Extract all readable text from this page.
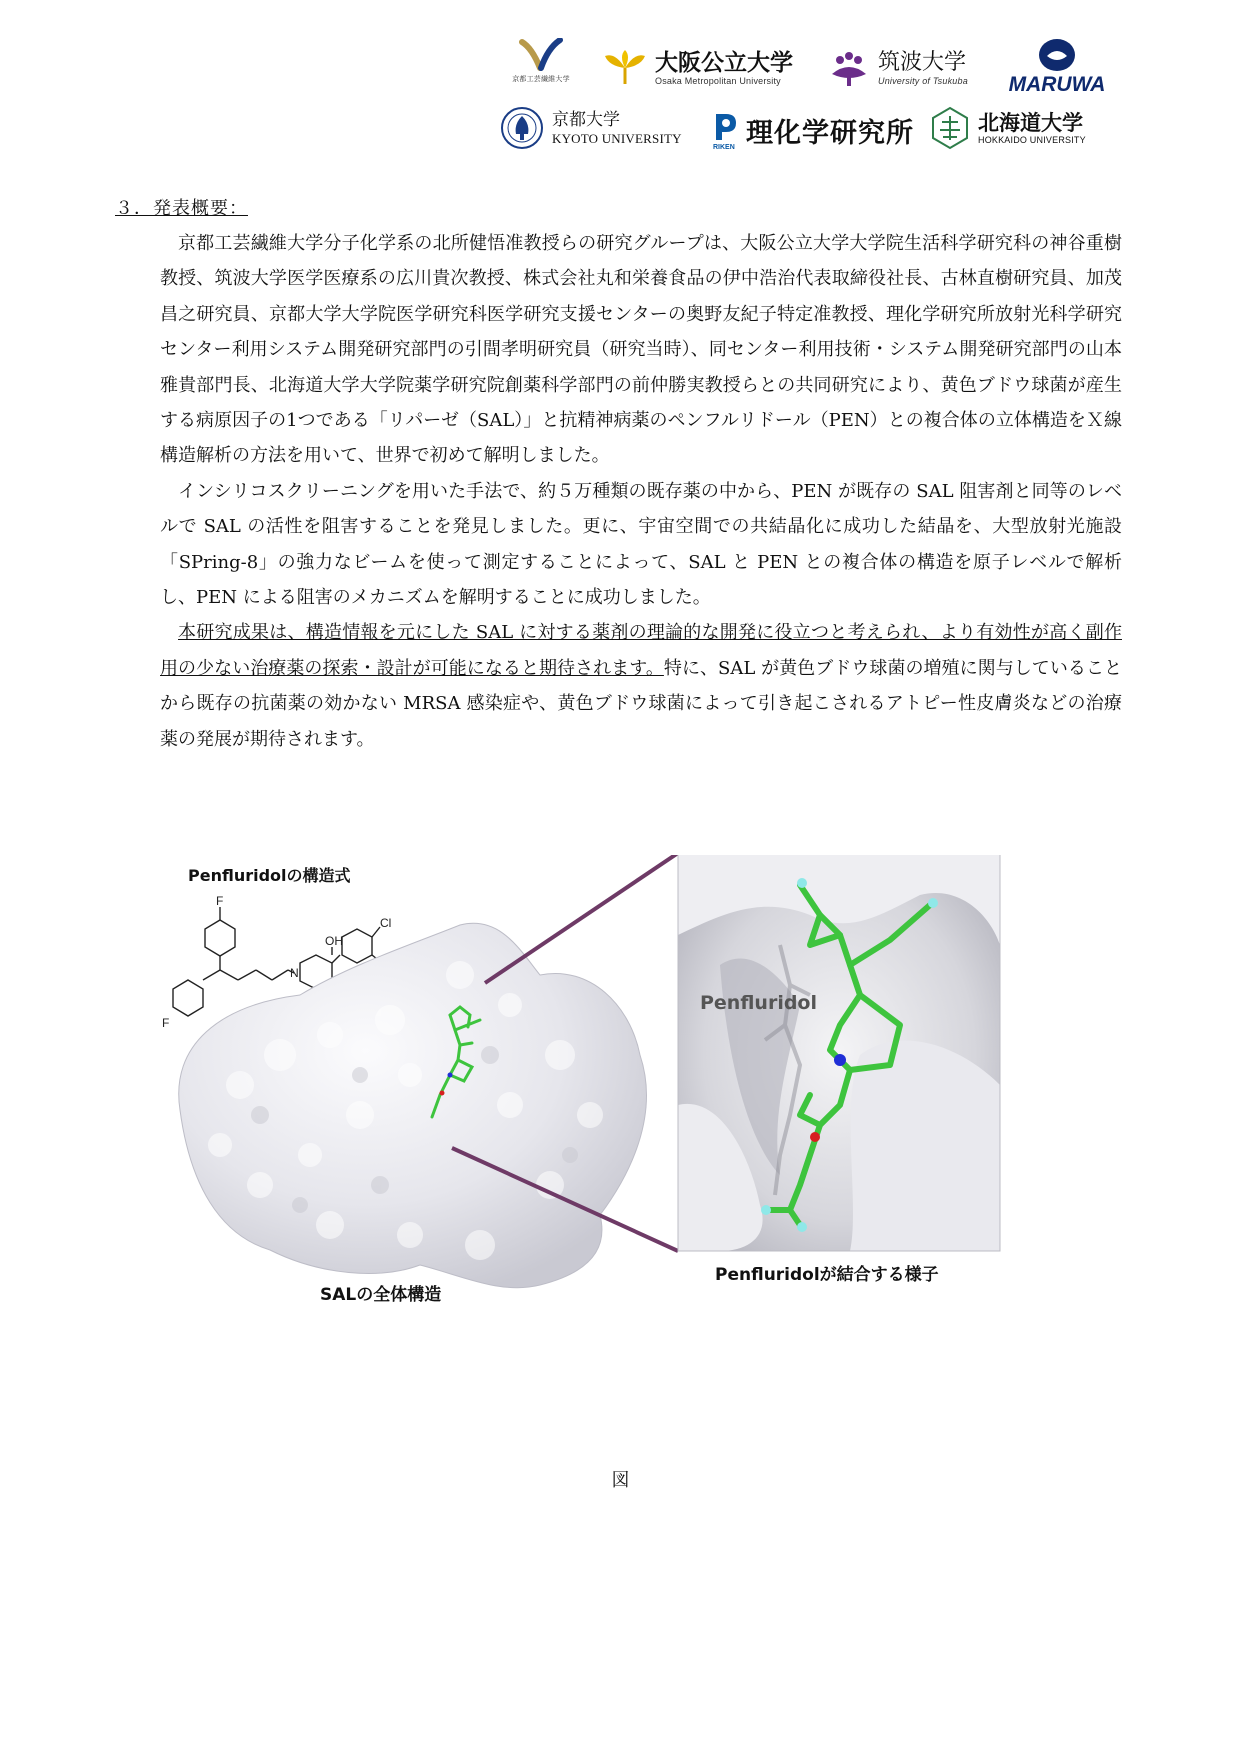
京都工芸繊維大学
大阪公立大学
Osaka Metropolitan University
筑波大学
University of Tsukuba MARUWA
京都大学
KYOTO UNIVERSITY
RIKEN 理化学研究所	北海道大学
HOKKAIDO UNIVERSITY
３．発表概要：

京都工芸繊維大学分子化学系の北所健悟准教授らの研究グループは、大阪公立大学大学院生活科学研究科の神谷重樹教授、筑波大学医学医療系の広川貴次教授、株式会社丸和栄養食品の伊中浩治代表取締役社長、古林直樹研究員、加茂昌之研究員、京都大学大学院医学研究科医学研究支援センターの奥野友紀子特定准教授、理化学研究所放射光科学研究センター利用システム開発研究部門の引間孝明研究員（研究当時）、同センター利用技術・システム開発研究部門の山本雅貴部門長、北海道大学大学院薬学研究院創薬科学部門の前仲勝実教授らとの共同研究により、黄色ブドウ球菌が産生する病原因子の1つである「リパーゼ（SAL）」と抗精神病薬のペンフルリドール（PEN）との複合体の立体構造をＸ線構造解析の方法を用いて、世界で初めて解明しました。

インシリコスクリーニングを用いた手法で、約５万種類の既存薬の中から、PEN が既存の SAL 阻害剤と同等のレベルで SAL の活性を阻害することを発見しました。更に、宇宙空間での共結晶化に成功した結晶を、大型放射光施設「SPring-8」の強力なビームを使って測定することによって、SAL と PEN との複合体の構造を原子レベルで解析し、PEN による阻害のメカニズムを解明することに成功しました。

本研究成果は、構造情報を元にした SAL に対する薬剤の理論的な開発に役立つと考えられ、より有効性が高く副作用の少ない治療薬の探索・設計が可能になると期待されます。特に、SAL が黄色ブドウ球菌の増殖に関与していることから既存の抗菌薬の効かない MRSA 感染症や、黄色ブドウ球菌によって引き起こされるアトピー性皮膚炎などの治療薬の発展が期待されます。

Penfluridolの構造式
F
F
N
OH
Cl
Penfluridol
SALの全体構造
Penfluridolが結合する様子
図
